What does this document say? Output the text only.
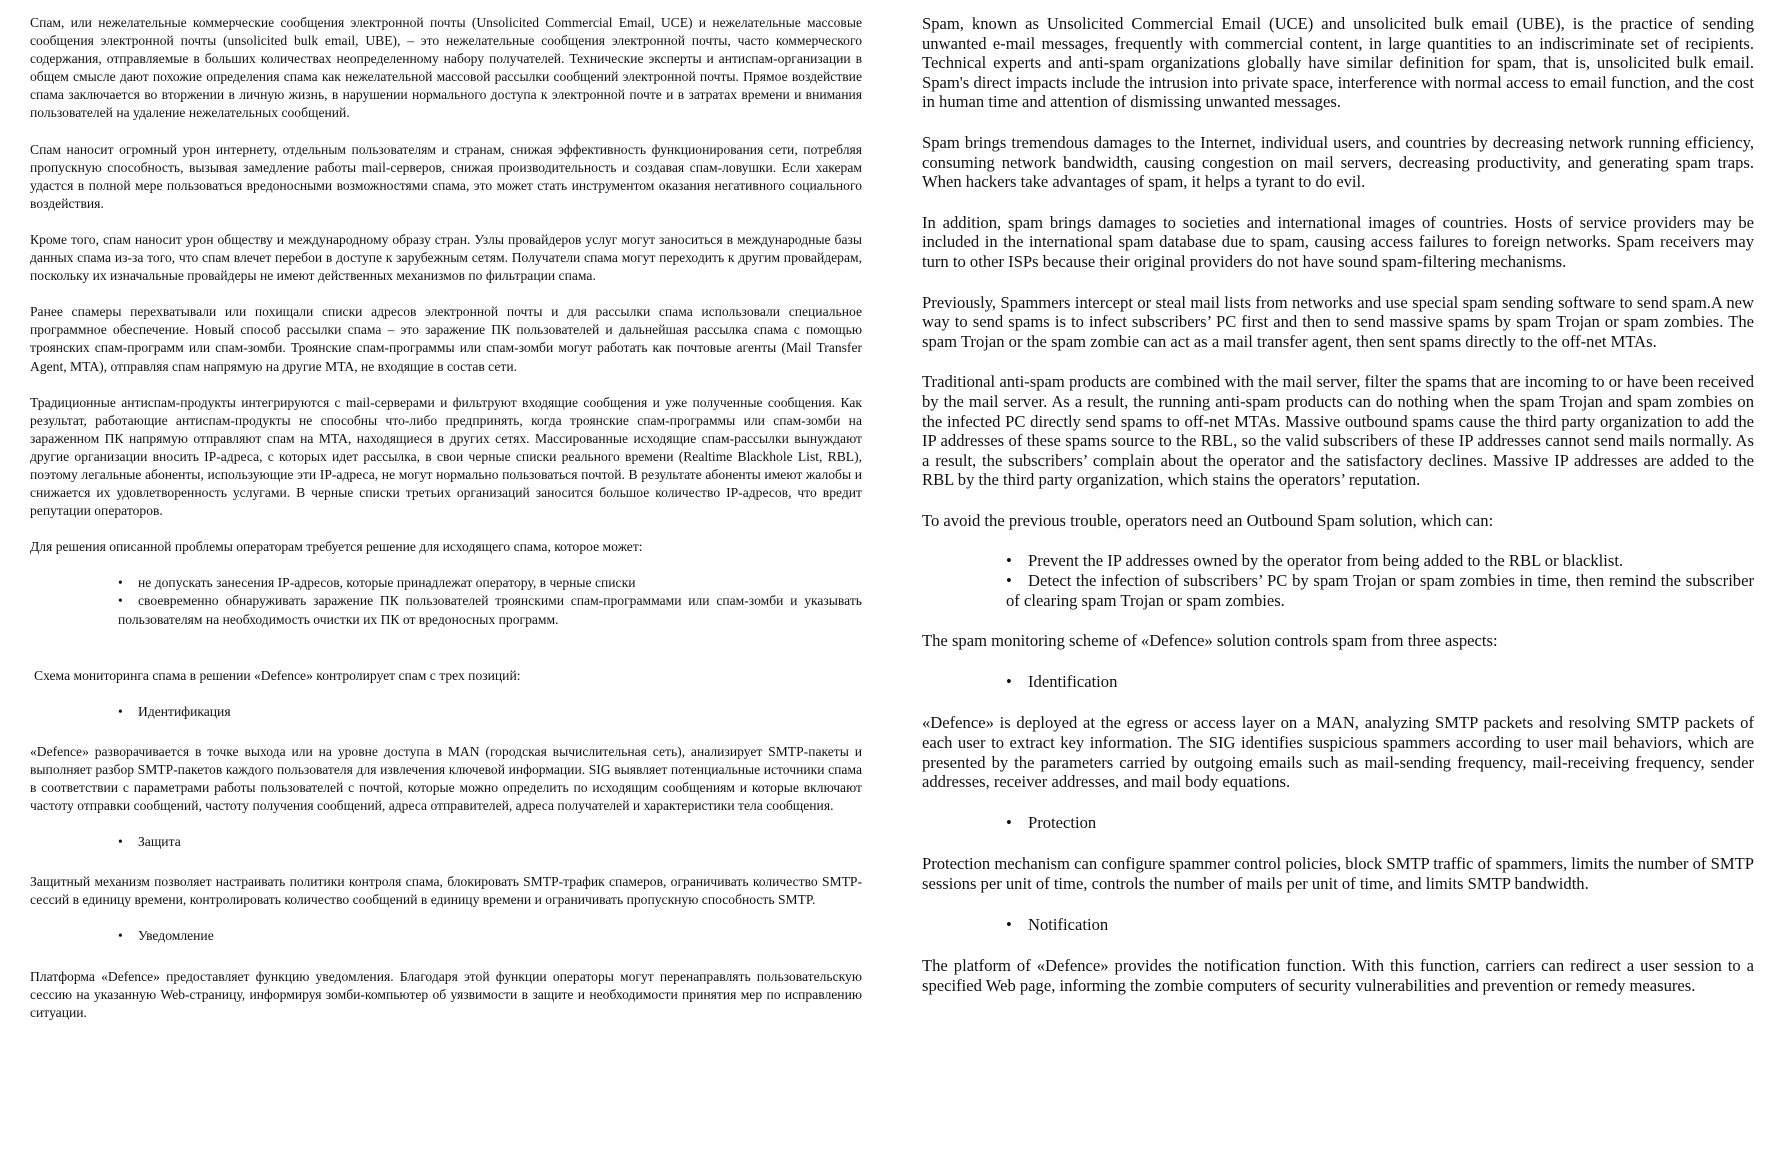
Спам, или нежелательные коммерческие сообщения электронной почты (Unsolicited Commercial Email, UCE) и нежелательные массовые сообщения электронной почты (unsolicited bulk email, UBE), – это нежелательные сообщения электронной почты, часто коммерческого содержания, отправляемые в больших количествах неопределенному набору получателей. Технические эксперты и антиспам-организации в общем смысле дают похожие определения спама как нежелательной массовой рассылки сообщений электронной почты. Прямое воздействие спама заключается во вторжении в личную жизнь, в нарушении нормального доступа к электронной почте и в затратах времени и внимания пользователей на удаление нежелательных сообщений.

Спам наносит огромный урон интернету, отдельным пользователям и странам, снижая эффективность функционирования сети, потребляя пропускную способность, вызывая замедление работы mail-серверов, снижая производительность и создавая спам-ловушки. Если хакерам удастся в полной мере пользоваться вредоносными возможностями спама, это может стать инструментом оказания негативного социального воздействия.

Кроме того, спам наносит урон обществу и международному образу стран. Узлы провайдеров услуг могут заноситься в международные базы данных спама из-за того, что спам влечет перебои в доступе к зарубежным сетям. Получатели спама могут переходить к другим провайдерам, поскольку их изначальные провайдеры не имеют действенных механизмов по фильтрации спама.

Ранее спамеры перехватывали или похищали списки адресов электронной почты и для рассылки спама использовали специальное программное обеспечение. Новый способ рассылки спама – это заражение ПК пользователей и дальнейшая рассылка спама с помощью троянских спам-программ или спам-зомби. Троянские спам-программы или спам-зомби могут работать как почтовые агенты (Mail Transfer Agent, MTA), отправляя спам напрямую на другие MTA, не входящие в состав сети.

Традиционные антиспам-продукты интегрируются с mail-серверами и фильтруют входящие сообщения и уже полученные сообщения. Как результат, работающие антиспам-продукты не способны что-либо предпринять, когда троянские спам-программы или спам-зомби на зараженном ПК напрямую отправляют спам на MTA, находящиеся в других сетях. Массированные исходящие спам-рассылки вынуждают другие организации вносить IP-адреса, с которых идет рассылка, в свои черные списки реального времени (Realtime Blackhole List, RBL), поэтому легальные абоненты, использующие эти IP-адреса, не могут нормально пользоваться почтой. В результате абоненты имеют жалобы и снижается их удовлетворенность услугами. В черные списки третьих организаций заносится большое количество IP-адресов, что вредит репутации операторов.

Для решения описанной проблемы операторам требуется решение для исходящего спама, которое может:

• не допускать занесения IP-адресов, которые принадлежат оператору, в черные списки
• своевременно обнаруживать заражение ПК пользователей троянскими спам-программами или спам-зомби и указывать пользователям на необходимость очистки их ПК от вредоносных программ.

Схема мониторинга спама в решении «Defence» контролирует спам с трех позиций:

• Идентификация

«Defence» разворачивается в точке выхода или на уровне доступа в MAN (городская вычислительная сеть), анализирует SMTP-пакеты и выполняет разбор SMTP-пакетов каждого пользователя для извлечения ключевой информации. SIG выявляет потенциальные источники спама в соответствии с параметрами работы пользователей с почтой, которые можно определить по исходящим сообщениям и которые включают частоту отправки сообщений, частоту получения сообщений, адреса отправителей, адреса получателей и характеристики тела сообщения.

• Защита

Защитный механизм позволяет настраивать политики контроля спама, блокировать SMTP-трафик спамеров, ограничивать количество SMTP-сессий в единицу времени, контролировать количество сообщений в единицу времени и ограничивать пропускную способность SMTP.

• Уведомление

Платформа «Defence» предоставляет функцию уведомления. Благодаря этой функции операторы могут перенаправлять пользовательскую сессию на указанную Web-страницу, информируя зомби-компьютер об уязвимости в защите и необходимости принятия мер по исправлению ситуации.

Spam, known as Unsolicited Commercial Email (UCE) and unsolicited bulk email (UBE), is the practice of sending unwanted e-mail messages, frequently with commercial content, in large quantities to an indiscriminate set of recipients. Technical experts and anti-spam organizations globally have similar definition for spam, that is, unsolicited bulk email. Spam's direct impacts include the intrusion into private space, interference with normal access to email function, and the cost in human time and attention of dismissing unwanted messages.

Spam brings tremendous damages to the Internet, individual users, and countries by decreasing network running efficiency, consuming network bandwidth, causing congestion on mail servers, decreasing productivity, and generating spam traps. When hackers take advantages of spam, it helps a tyrant to do evil.

In addition, spam brings damages to societies and international images of countries. Hosts of service providers may be included in the international spam database due to spam, causing access failures to foreign networks. Spam receivers may turn to other ISPs because their original providers do not have sound spam-filtering mechanisms.

Previously, Spammers intercept or steal mail lists from networks and use special spam sending software to send spam.A new way to send spams is to infect subscribers’ PC first and then to send massive spams by spam Trojan or spam zombies. The spam Trojan or the spam zombie can act as a mail transfer agent, then sent spams directly to the off-net MTAs.

Traditional anti-spam products are combined with the mail server, filter the spams that are incoming to or have been received by the mail server. As a result, the running anti-spam products can do nothing when the spam Trojan and spam zombies on the infected PC directly send spams to off-net MTAs. Massive outbound spams cause the third party organization to add the IP addresses of these spams source to the RBL, so the valid subscribers of these IP addresses cannot send mails normally. As a result, the subscribers’ complain about the operator and the satisfactory declines. Massive IP addresses are added to the RBL by the third party organization, which stains the operators’ reputation.

To avoid the previous trouble, operators need an Outbound Spam solution, which can:

• Prevent the IP addresses owned by the operator from being added to the RBL or blacklist.
• Detect the infection of subscribers’ PC by spam Trojan or spam zombies in time, then remind the subscriber of clearing spam Trojan or spam zombies.

The spam monitoring scheme of «Defence» solution controls spam from three aspects:

• Identification

«Defence» is deployed at the egress or access layer on a MAN, analyzing SMTP packets and resolving SMTP packets of each user to extract key information. The SIG identifies suspicious spammers according to user mail behaviors, which are presented by the parameters carried by outgoing emails such as mail-sending frequency, mail-receiving frequency, sender addresses, receiver addresses, and mail body equations.

• Protection

Protection mechanism can configure spammer control policies, block SMTP traffic of spammers, limits the number of SMTP sessions per unit of time, controls the number of mails per unit of time, and limits SMTP bandwidth.

• Notification

The platform of «Defence» provides the notification function. With this function, carriers can redirect a user session to a specified Web page, informing the zombie computers of security vulnerabilities and prevention or remedy measures.
